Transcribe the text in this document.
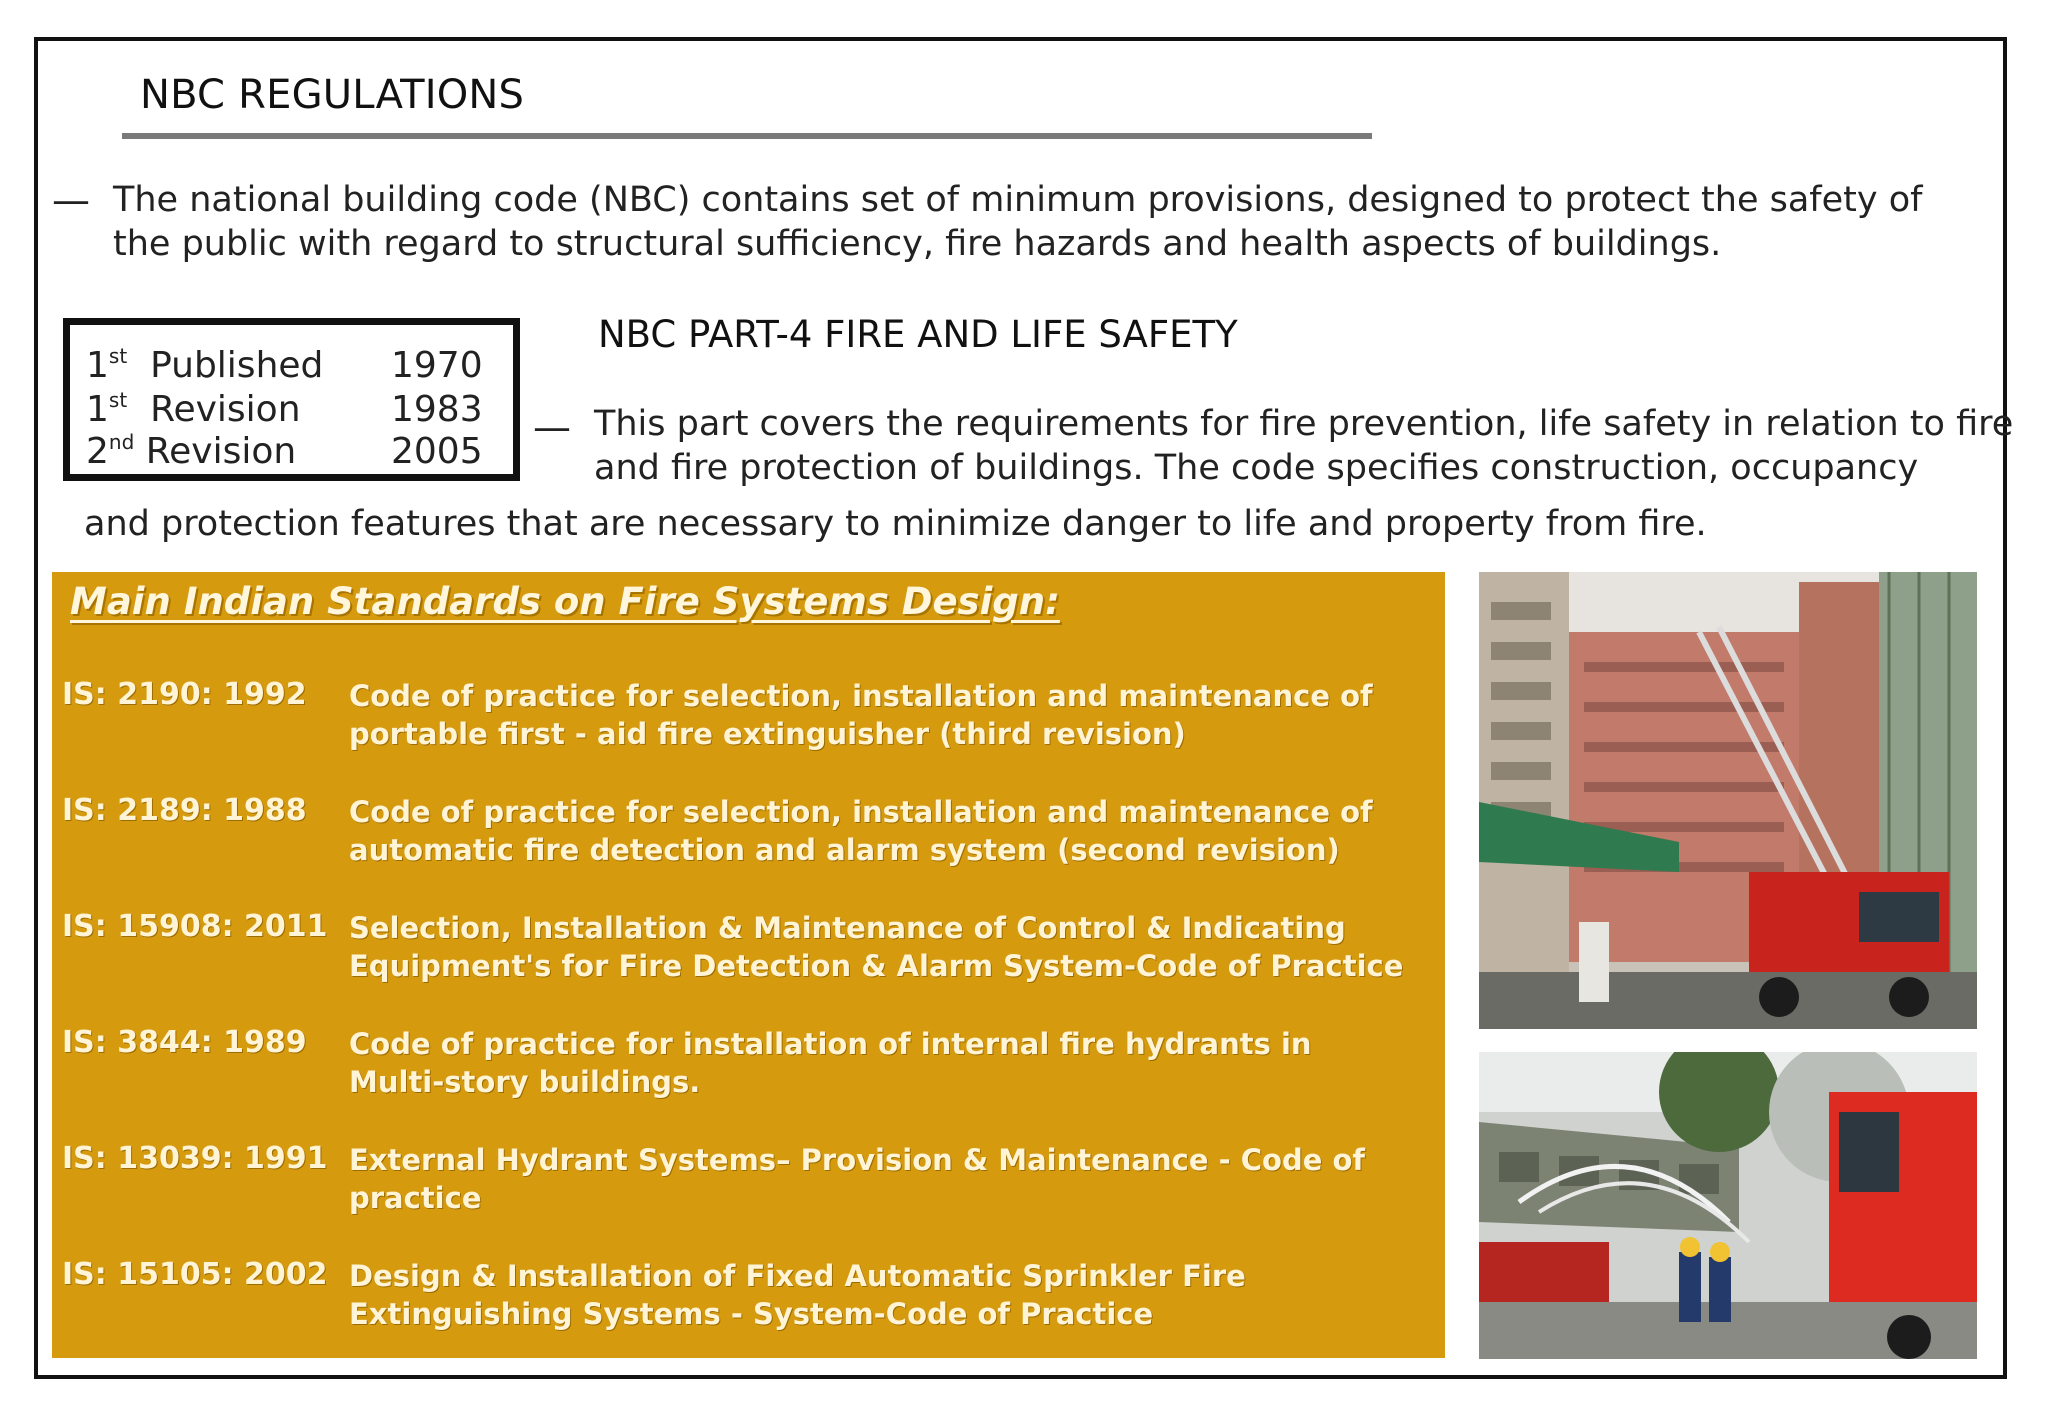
NBC REGULATIONS
— The national building code (NBC) contains set of minimum provisions, designed to protect the safety of the public with regard to structural sufficiency, fire hazards and health aspects of buildings.
1st Published 1970
1st Revision	1983
2nd Revision	2005
NBC PART-4 FIRE AND LIFE SAFETY
— This part covers the requirements for fire prevention, life safety in relation to fire and fire protection of buildings. The code specifies construction, occupancy
and protection features that are necessary to minimize danger to life and property from fire.
Main Indian Standards on Fire Systems Design:
IS: 2190: 1992 Code of practice for selection, installation and maintenance of portable first - aid fire extinguisher (third revision)
IS: 2189: 1988 Code of practice for selection, installation and maintenance of automatic fire detection and alarm system (second revision)
IS: 15908: 2011 Selection, Installation & Maintenance of Control & Indicating Equipment's for Fire Detection & Alarm System-Code of Practice
IS: 3844: 1989 Code of practice for installation of internal fire hydrants in Multi-story buildings.
IS: 13039: 1991 External Hydrant Systems– Provision & Maintenance - Code of practice
IS: 15105: 2002 Design & Installation of Fixed Automatic Sprinkler Fire Extinguishing Systems - System-Code of Practice
